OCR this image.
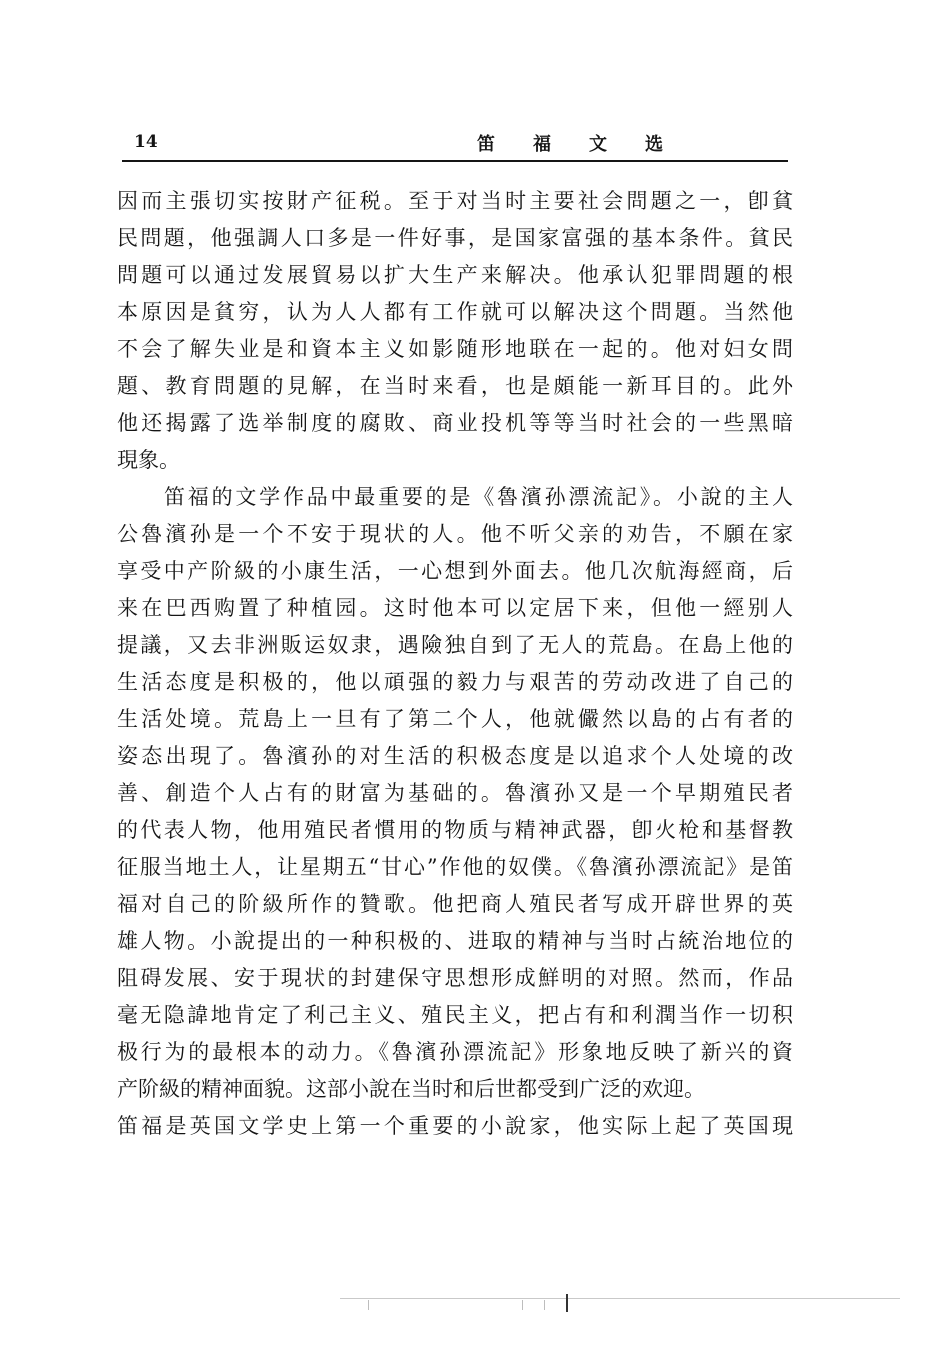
14	笛福文选
因而主張切实按財产征税。至于对当时主要社会問題之一，卽貧
民問題，他强調人口多是一件好事，是国家富强的基本条件。貧民
問題可以通过发展貿易以扩大生产来解决。他承认犯罪問題的根
本原因是貧穷，认为人人都有工作就可以解决这个問題。当然他
不会了解失业是和資本主义如影随形地联在一起的。他对妇女問
題、教育問題的見解，在当时来看，也是頗能一新耳目的。此外
他还揭露了选举制度的腐敗、商业投机等等当时社会的一些黑暗
現象。
笛福的文学作品中最重要的是《魯濱孙漂流記》。小說的主人
公魯濱孙是一个不安于現状的人。他不听父亲的劝告，不願在家
享受中产阶級的小康生活，一心想到外面去。他几次航海經商，后
来在巴西购置了种植园。这时他本可以定居下来，但他一經别人
提議，又去非洲販运奴隶，遇險独自到了无人的荒島。在島上他的
生活态度是积极的，他以頑强的毅力与艰苦的劳动改进了自己的
生活处境。荒島上一旦有了第二个人，他就儼然以島的占有者的
姿态出現了。魯濱孙的对生活的积极态度是以追求个人处境的改
善、創造个人占有的財富为基础的。魯濱孙又是一个早期殖民者
的代表人物，他用殖民者慣用的物质与精神武器，卽火枪和基督教
征服当地土人，让星期五“甘心”作他的奴僕。《魯濱孙漂流記》是笛
福对自己的阶級所作的贊歌。他把商人殖民者写成开辟世界的英
雄人物。小說提出的一种积极的、进取的精神与当时占統治地位的
阻碍发展、安于現状的封建保守思想形成鮮明的对照。然而，作品
毫无隐諱地肯定了利己主义、殖民主义，把占有和利潤当作一切积
极行为的最根本的动力。《魯濱孙漂流記》形象地反映了新兴的資
产阶級的精神面貌。这部小說在当时和后世都受到广泛的欢迎。
笛福是英国文学史上第一个重要的小說家，他实际上起了英国現
